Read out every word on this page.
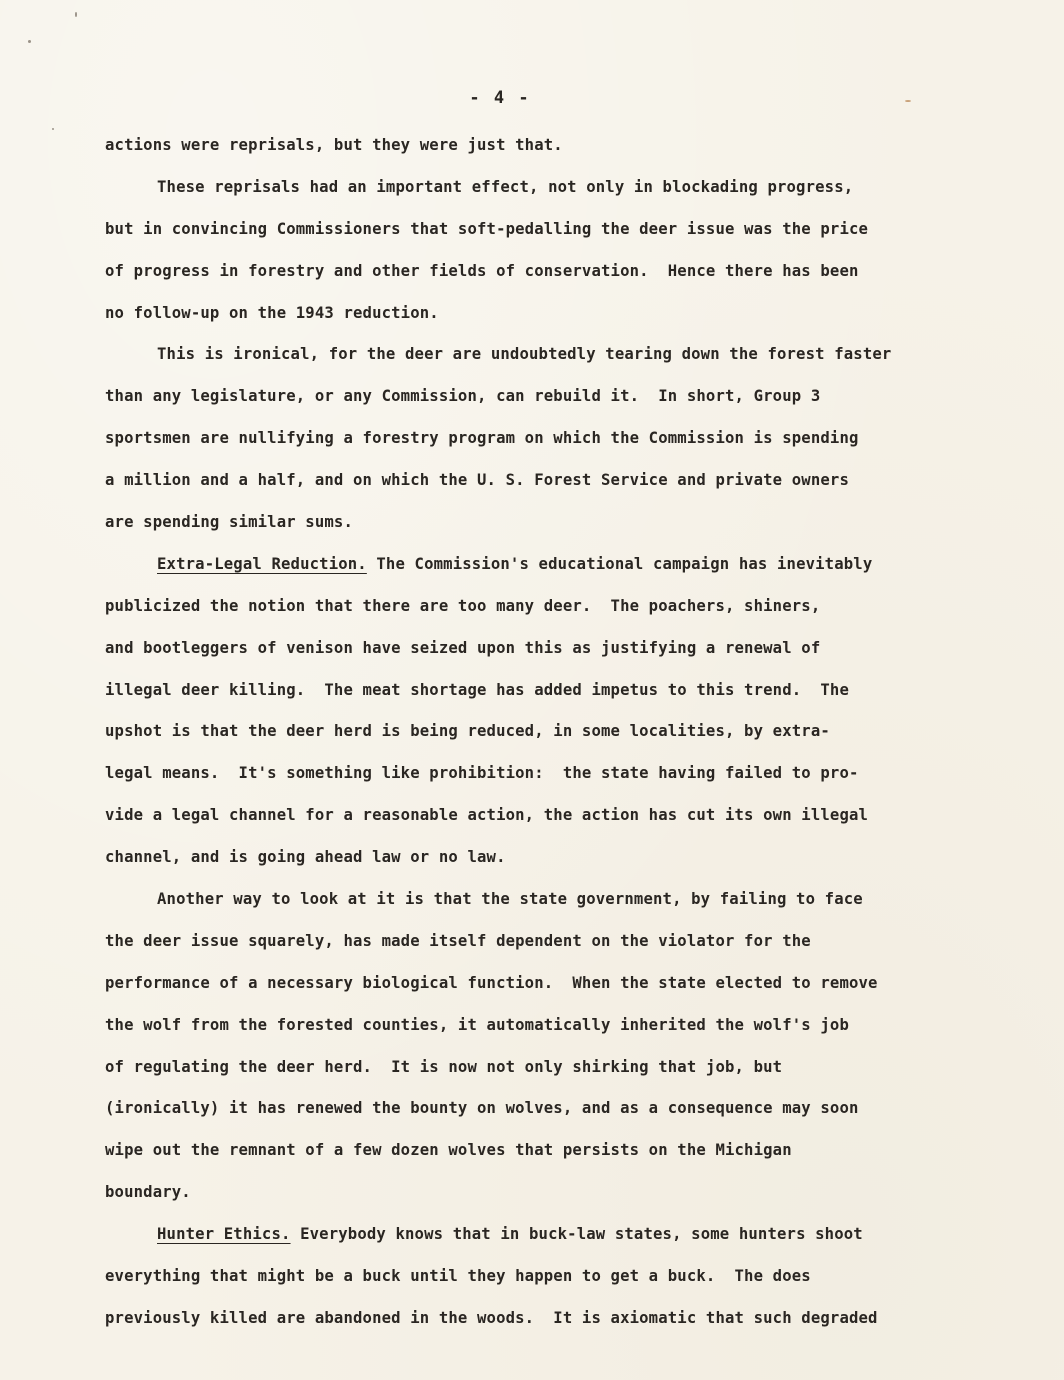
- 4 -
actions were reprisals, but they were just that.
These reprisals had an important effect, not only in blockading progress,
but in convincing Commissioners that soft-pedalling the deer issue was the price
of progress in forestry and other fields of conservation.  Hence there has been
no follow-up on the 1943 reduction.
This is ironical, for the deer are undoubtedly tearing down the forest faster
than any legislature, or any Commission, can rebuild it.  In short, Group 3
sportsmen are nullifying a forestry program on which the Commission is spending
a million and a half, and on which the U. S. Forest Service and private owners
are spending similar sums.
Extra-Legal Reduction. The Commission's educational campaign has inevitably
publicized the notion that there are too many deer.  The poachers, shiners,
and bootleggers of venison have seized upon this as justifying a renewal of
illegal deer killing.  The meat shortage has added impetus to this trend.  The
upshot is that the deer herd is being reduced, in some localities, by extra-
legal means.  It's something like prohibition:  the state having failed to pro-
vide a legal channel for a reasonable action, the action has cut its own illegal
channel, and is going ahead law or no law.
Another way to look at it is that the state government, by failing to face
the deer issue squarely, has made itself dependent on the violator for the
performance of a necessary biological function.  When the state elected to remove
the wolf from the forested counties, it automatically inherited the wolf's job
of regulating the deer herd.  It is now not only shirking that job, but
(ironically) it has renewed the bounty on wolves, and as a consequence may soon
wipe out the remnant of a few dozen wolves that persists on the Michigan
boundary.
Hunter Ethics. Everybody knows that in buck-law states, some hunters shoot
everything that might be a buck until they happen to get a buck.  The does
previously killed are abandoned in the woods.  It is axiomatic that such degraded
